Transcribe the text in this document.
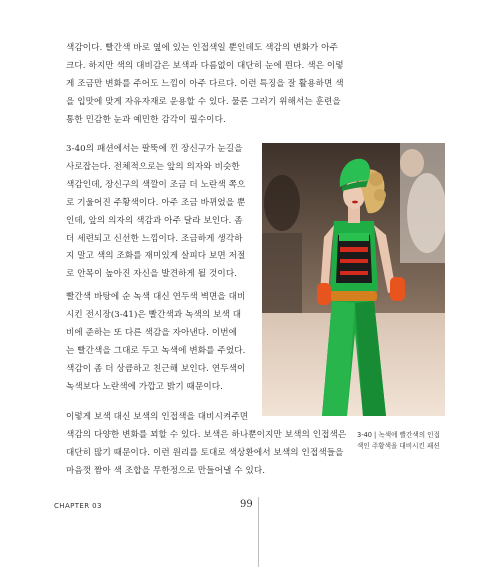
색감이다. 빨간색 바로 옆에 있는 인접색일 뿐인데도 색감의 변화가 아주
크다. 하지만 색의 대비감은 보색과 다름없이 대단히 눈에 띈다. 색은 이렇
게 조금만 변화를 주어도 느낌이 아주 다르다. 이런 특징을 잘 활용하면 색
을 입맛에 맞게 자유자재로 운용할 수 있다. 물론 그러기 위해서는 훈련을
통한 민감한 눈과 예민한 감각이 필수이다.

3-40의 패션에서는 팔뚝에 낀 장신구가 눈길을
사로잡는다. 전체적으로는 앞의 의자와 비슷한
색감인데, 장신구의 색깔이 조금 더 노란색 쪽으
로 기울어진 주황색이다. 아주 조금 바뀌었을 뿐
인데, 앞의 의자의 색감과 아주 달라 보인다. 좀
더 세련되고 신선한 느낌이다. 조금하게 생각하
지 말고 색의 조화를 재미있게 살피다 보면 저절
로 안목이 높아진 자신을 발견하게 될 것이다.

빨간색 바탕에 순 녹색 대신 연두색 벽면을 대비
시킨 전시장(3-41)은 빨간색과 녹색의 보색 대
비에 준하는 또 다른 색감을 자아낸다. 이번에
는 빨간색을 그대로 두고 녹색에 변화를 주었다.
색감이 좀 더 상큼하고 친근해 보인다. 연두색이
녹색보다 노란색에 가깝고 밝기 때문이다.

이렇게 보색 대신 보색의 인접색을 대비시켜주면
색감의 다양한 변화를 꾀할 수 있다. 보색은 하나뿐이지만 보색의 인접색은
대단히 많기 때문이다. 이런 원리를 토대로 색상환에서 보색의 인접색들을
마음껏 짬아 색 조합을 무한정으로 만들어낼 수 있다.

3-40 | 녹색에 빨간색의 인접
색인 주황색을 대비시킨 패션

CHAPTER 03	99
